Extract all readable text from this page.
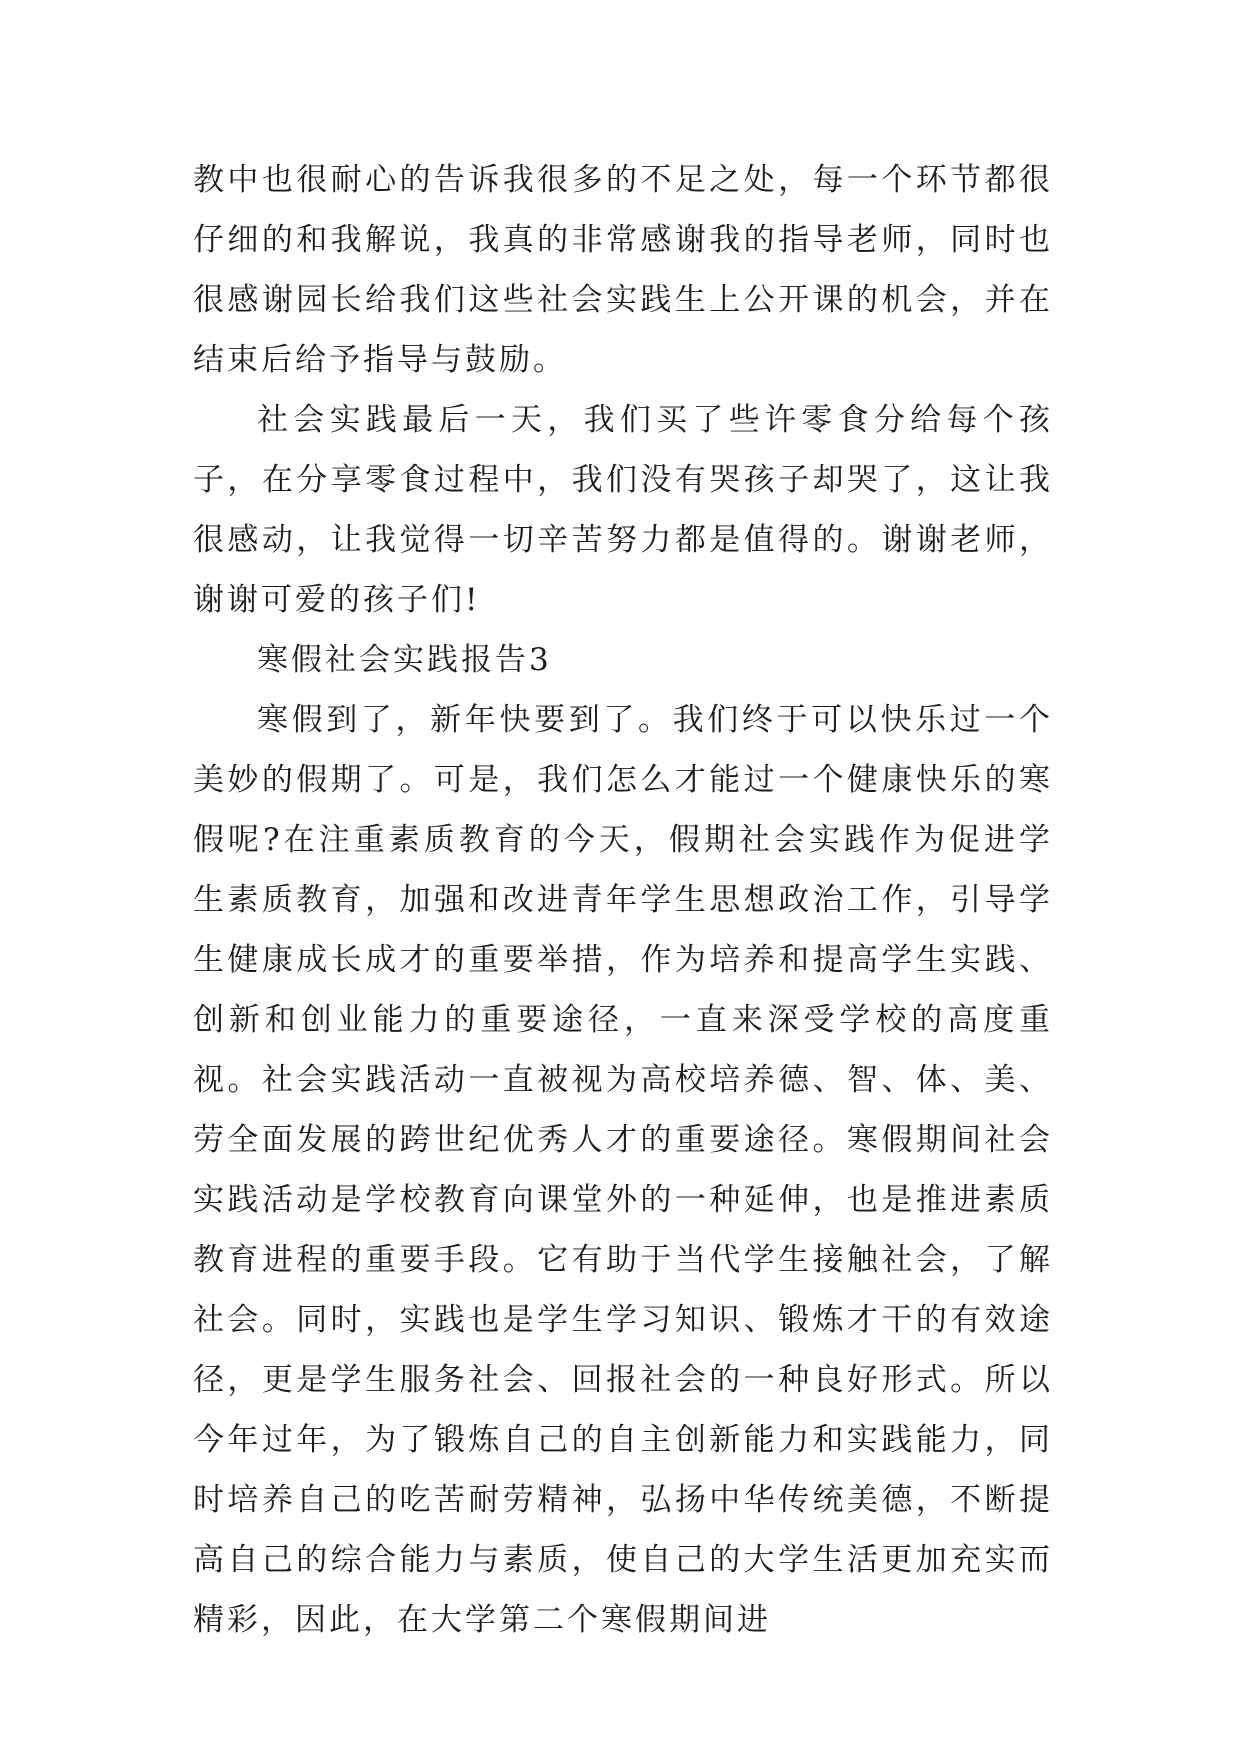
教中也很耐心的告诉我很多的不足之处，每一个环节都很仔细的和我解说，我真的非常感谢我的指导老师，同时也很感谢园长给我们这些社会实践生上公开课的机会，并在结束后给予指导与鼓励。

社会实践最后一天，我们买了些许零食分给每个孩子，在分享零食过程中，我们没有哭孩子却哭了，这让我很感动，让我觉得一切辛苦努力都是值得的。谢谢老师，谢谢可爱的孩子们!

寒假社会实践报告3

寒假到了，新年快要到了。我们终于可以快乐过一个美妙的假期了。可是，我们怎么才能过一个健康快乐的寒假呢?在注重素质教育的今天，假期社会实践作为促进学生素质教育，加强和改进青年学生思想政治工作，引导学生健康成长成才的重要举措，作为培养和提高学生实践、创新和创业能力的重要途径，一直来深受学校的高度重视。社会实践活动一直被视为高校培养德、智、体、美、劳全面发展的跨世纪优秀人才的重要途径。寒假期间社会实践活动是学校教育向课堂外的一种延伸，也是推进素质教育进程的重要手段。它有助于当代学生接触社会，了解社会。同时，实践也是学生学习知识、锻炼才干的有效途径，更是学生服务社会、回报社会的一种良好形式。所以今年过年，为了锻炼自己的自主创新能力和实践能力，同时培养自己的吃苦耐劳精神，弘扬中华传统美德，不断提高自己的综合能力与素质，使自己的大学生活更加充实而精彩，因此，在大学第二个寒假期间进
